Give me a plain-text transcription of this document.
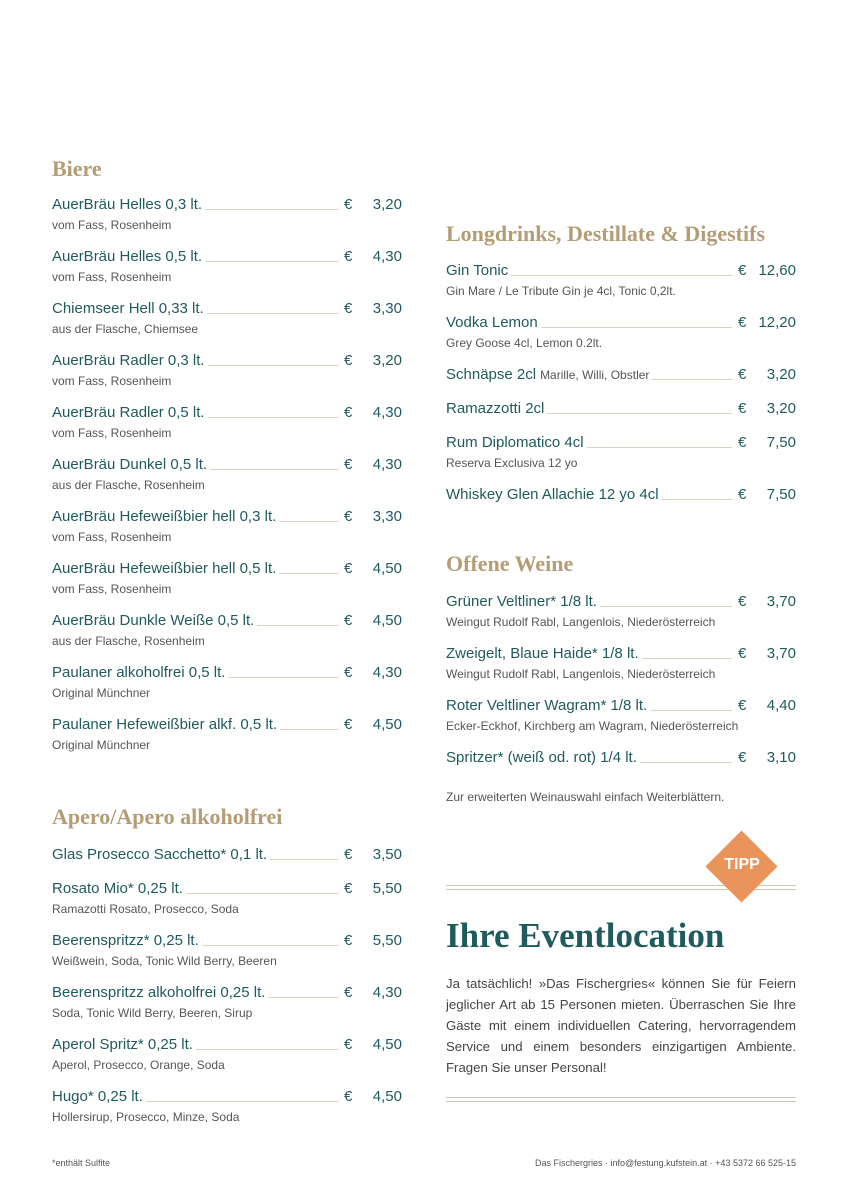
Biere
AuerBräu Helles 0,3 lt.	€	3,20
vom Fass, Rosenheim
AuerBräu Helles 0,5 lt.	€	4,30
vom Fass, Rosenheim
Chiemseer Hell 0,33 lt.	€	3,30
aus der Flasche, Chiemsee
AuerBräu Radler 0,3 lt.	€	3,20
vom Fass, Rosenheim
AuerBräu Radler 0,5 lt.	€	4,30
vom Fass, Rosenheim
AuerBräu Dunkel 0,5 lt.	€	4,30
aus der Flasche, Rosenheim
AuerBräu Hefeweißbier hell 0,3 lt.	€	3,30
vom Fass, Rosenheim
AuerBräu Hefeweißbier hell 0,5 lt.	€	4,50
vom Fass, Rosenheim
AuerBräu Dunkle Weiße 0,5 lt.	€	4,50
aus der Flasche, Rosenheim
Paulaner alkoholfrei 0,5 lt.	€	4,30
Original Münchner
Paulaner Hefeweißbier alkf. 0,5 lt.	€	4,50
Original Münchner
Apero/Apero alkoholfrei
Glas Prosecco Sacchetto* 0,1 lt.	€	3,50
Rosato Mio* 0,25 lt.	€	5,50
Ramazotti Rosato, Prosecco, Soda
Beerenspritzz* 0,25 lt.	€	5,50
Weißwein, Soda, Tonic Wild Berry, Beeren
Beerenspritzz alkoholfrei 0,25 lt.	€	4,30
Soda, Tonic Wild Berry, Beeren, Sirup
Aperol Spritz* 0,25 lt.	€	4,50
Aperol, Prosecco, Orange, Soda
Hugo* 0,25 lt.	€	4,50
Hollersirup, Prosecco, Minze, Soda
Longdrinks, Destillate & Digestifs
Gin Tonic	€ 12,60
Gin Mare / Le Tribute Gin je 4cl, Tonic 0,2lt.
Vodka Lemon	€ 12,20
Grey Goose 4cl, Lemon 0.2lt.
Schnäpse 2cl Marille, Willi, Obstler	€	3,20
Ramazzotti 2cl	€	3,20
Rum Diplomatico 4cl	€	7,50
Reserva Exclusiva 12 yo
Whiskey Glen Allachie 12 yo 4cl	€	7,50
Offene Weine
Grüner Veltliner* 1/8 lt.	€	3,70
Weingut Rudolf Rabl, Langenlois, Niederösterreich
Zweigelt, Blaue Haide* 1/8 lt.	€	3,70
Weingut Rudolf Rabl, Langenlois, Niederösterreich
Roter Veltliner Wagram* 1/8 lt.	€	4,40
Ecker-Eckhof, Kirchberg am Wagram, Niederösterreich
Spritzer* (weiß od. rot) 1/4 lt.	€	3,10
Zur erweiterten Weinauswahl einfach Weiterblättern.
TIPP
Ihre Eventlocation
Ja tatsächlich! »Das Fischergries« können Sie für Feiern jeglicher Art ab 15 Personen mieten. Überraschen Sie Ihre Gäste mit einem individuellen Catering, hervorragendem Service und einem besonders einzigartigen Ambiente. Fragen Sie unser Personal!
*enthält Sulfite	Das Fischergries · info@festung.kufstein.at · +43 5372 66 525-15
